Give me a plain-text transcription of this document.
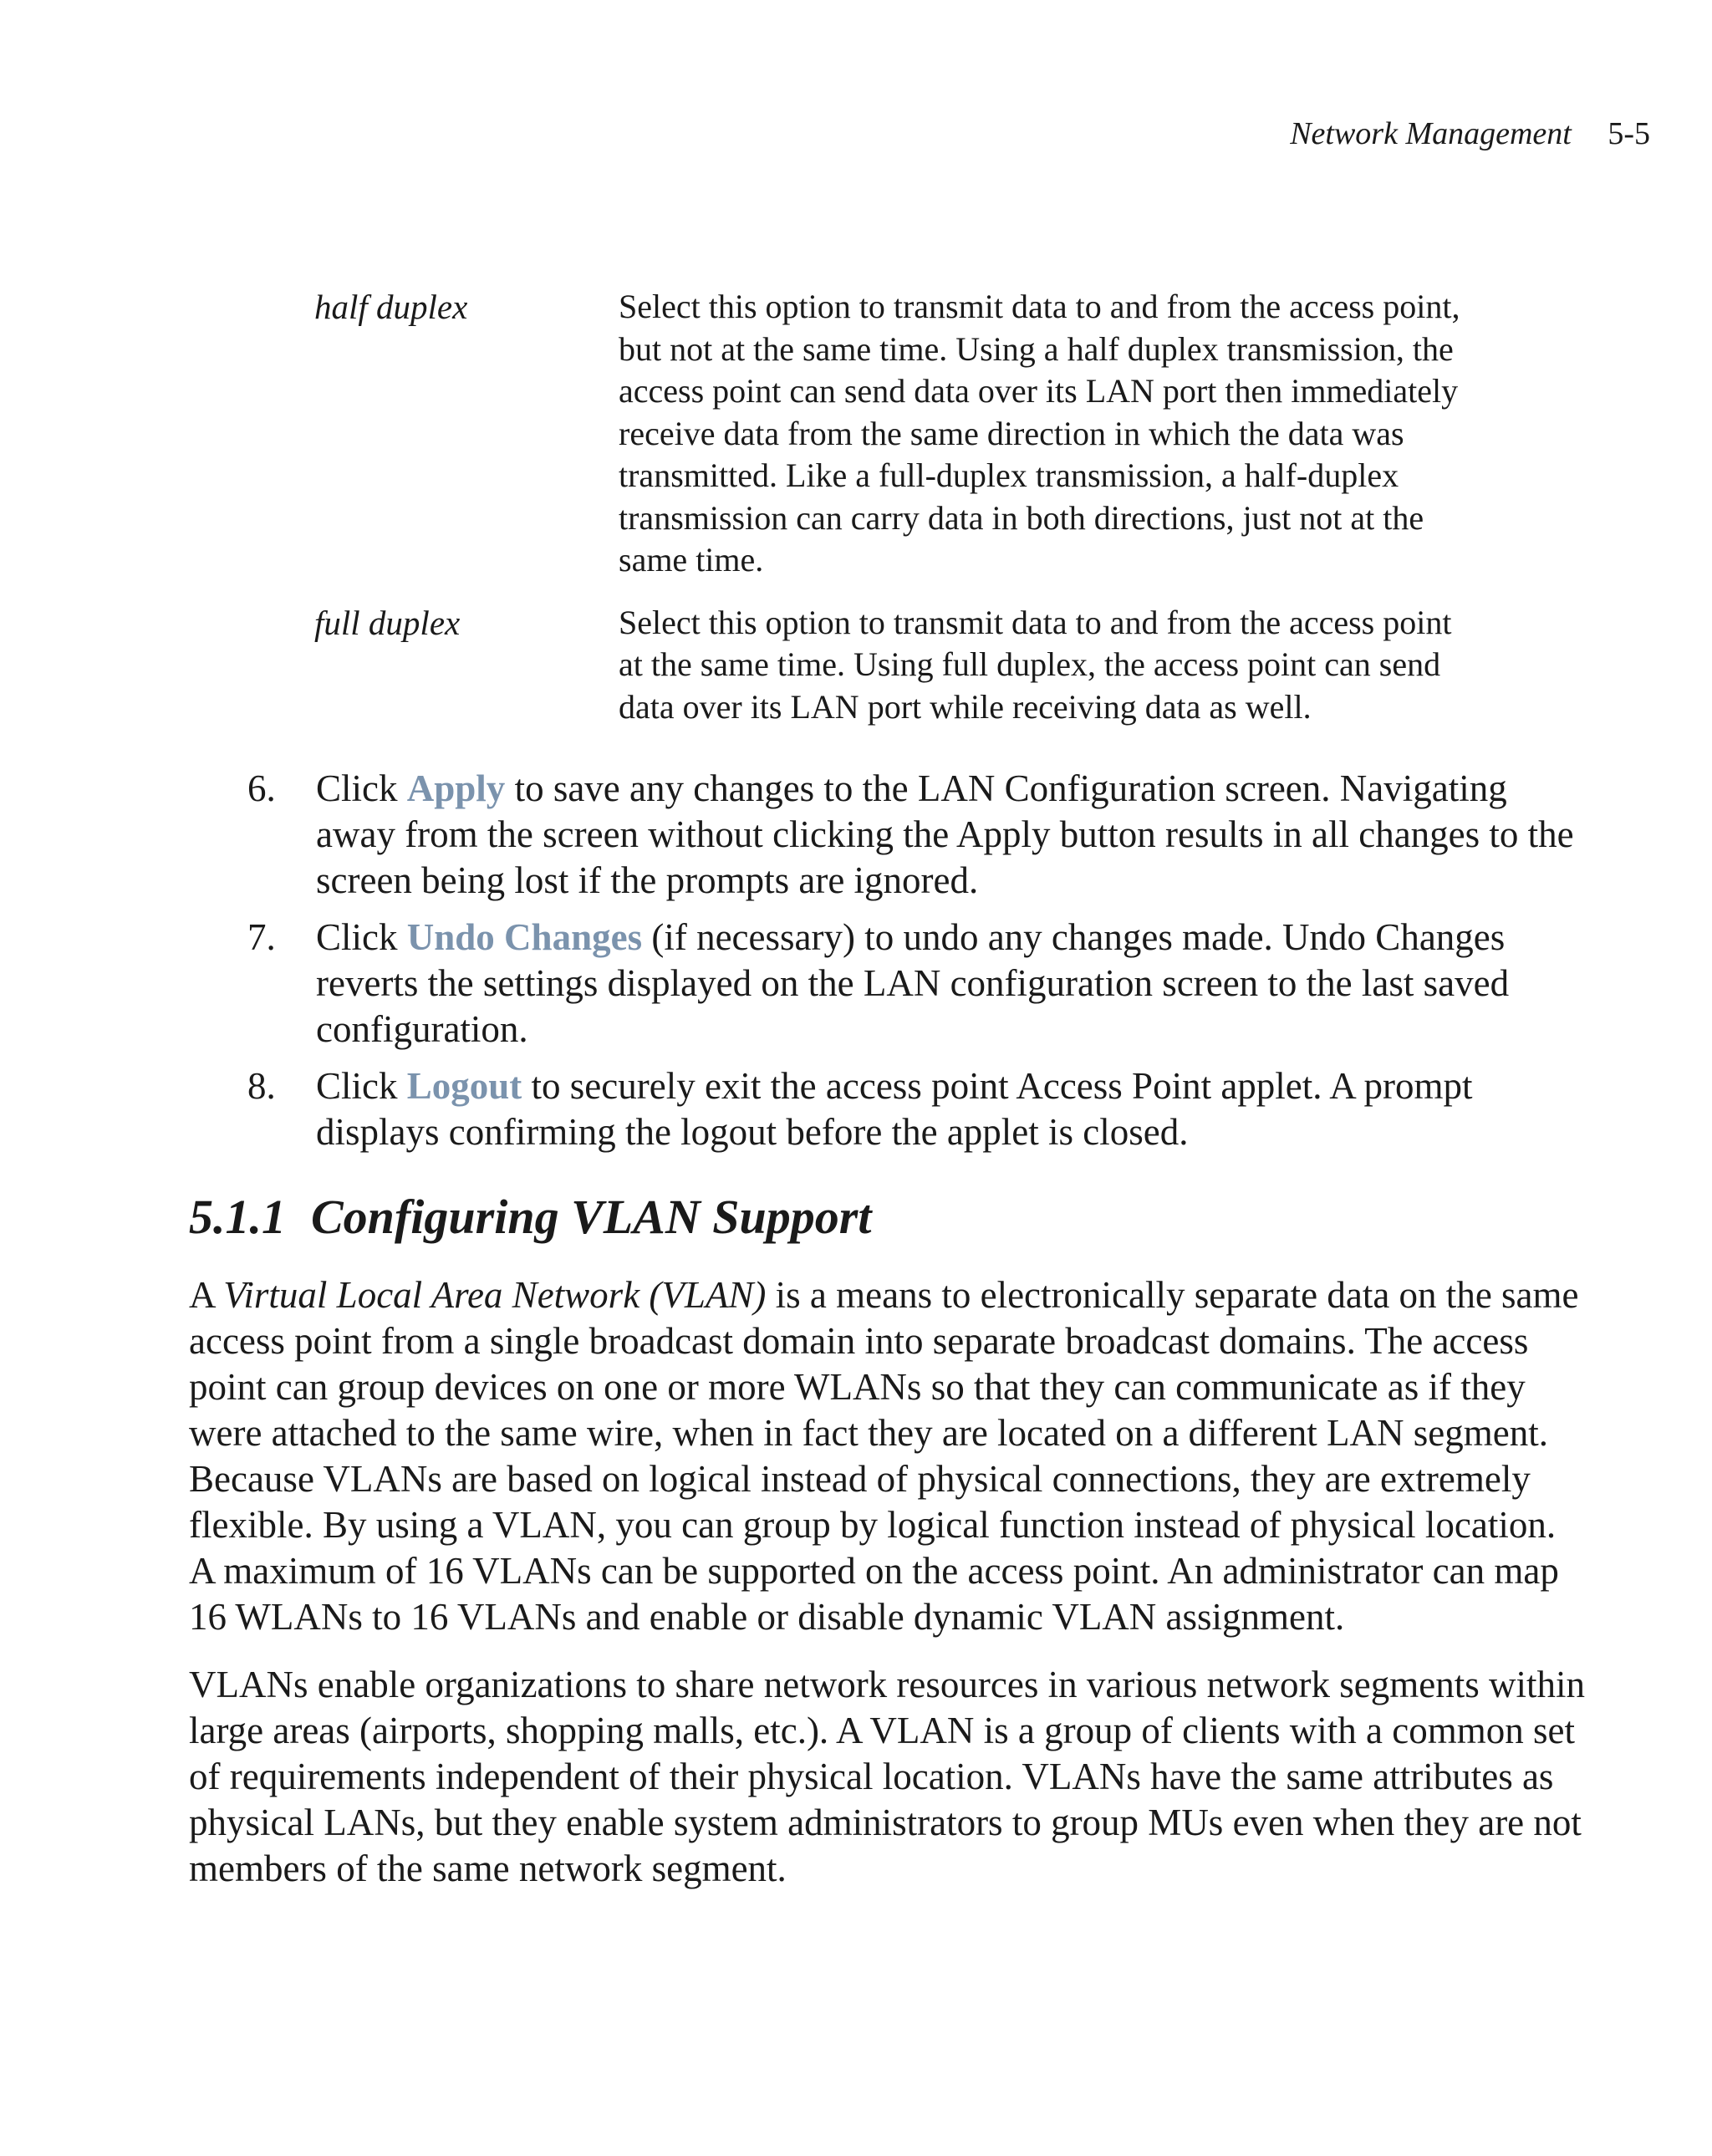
Network Management 5-5
half duplex	Select this option to transmit data to and from the access point, but not at the same time. Using a half duplex transmission, the access point can send data over its LAN port then immediately receive data from the same direction in which the data was transmitted. Like a full-duplex transmission, a half-duplex transmission can carry data in both directions, just not at the same time.
full duplex	Select this option to transmit data to and from the access point at the same time. Using full duplex, the access point can send data over its LAN port while receiving data as well.
6.	Click Apply to save any changes to the LAN Configuration screen. Navigating away from the screen without clicking the Apply button results in all changes to the screen being lost if the prompts are ignored.
7.	Click Undo Changes (if necessary) to undo any changes made. Undo Changes reverts the settings displayed on the LAN configuration screen to the last saved configuration.
8.	Click Logout to securely exit the access point Access Point applet. A prompt displays confirming the logout before the applet is closed.
5.1.1 Configuring VLAN Support

A Virtual Local Area Network (VLAN) is a means to electronically separate data on the same access point from a single broadcast domain into separate broadcast domains. The access point can group devices on one or more WLANs so that they can communicate as if they were attached to the same wire, when in fact they are located on a different LAN segment. Because VLANs are based on logical instead of physical connections, they are extremely flexible. By using a VLAN, you can group by logical function instead of physical location. A maximum of 16 VLANs can be supported on the access point. An administrator can map 16 WLANs to 16 VLANs and enable or disable dynamic VLAN assignment.

VLANs enable organizations to share network resources in various network segments within large areas (airports, shopping malls, etc.). A VLAN is a group of clients with a common set of requirements independent of their physical location. VLANs have the same attributes as physical LANs, but they enable system administrators to group MUs even when they are not members of the same network segment.
